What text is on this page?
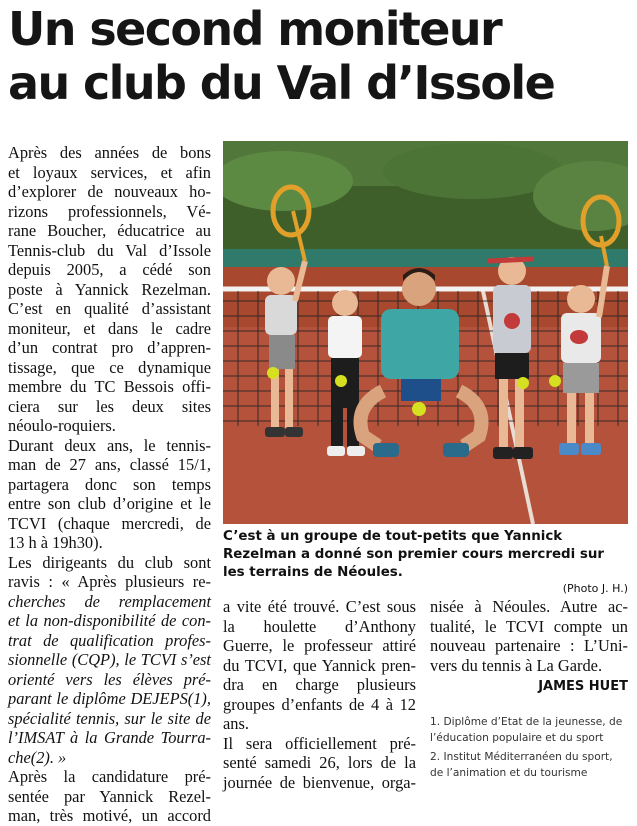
Un second moniteur
au club du Val d’Issole

Après des années de bons

et loyaux services, et afin

d’explorer de nouveaux ho-

rizons professionnels, Vé-

rane Boucher, éducatrice au

Tennis-club du Val d’Issole

depuis 2005, a cédé son

poste à Yannick Rezelman.

C’est en qualité d’assistant

moniteur, et dans le cadre

d’un contrat pro d’appren-

tissage, que ce dynamique

membre du TC Bessois offi-

ciera sur les deux sites

néoulo-roquiers.

Durant deux ans, le tennis-

man de 27 ans, classé 15/1,

partagera donc son temps

entre son club d’origine et le

TCVI (chaque mercredi, de

13 h à 19h30).

Les dirigeants du club sont

ravis : « Après plusieurs re-

cherches de remplacement

et la non-disponibilité de con-

trat de qualification profes-

sionnelle (CQP), le TCVI s’est

orienté vers les élèves pré-

parant le diplôme DEJEPS(1),

spécialité tennis, sur le site de

l’IMSAT à la Grande Tourra-

che(2). »

Après la candidature pré-

sentée par Yannick Rezel-

man, très motivé, un accord

C’est à un groupe de tout-petits que Yannick Rezelman a donné son premier cours mercredi sur les terrains de Néoules.
(Photo J. H.)

a vite été trouvé. C’est sous

la houlette d’Anthony

Guerre, le professeur attiré

du TCVI, que Yannick pren-

dra en charge plusieurs

groupes d’enfants de 4 à 12

ans.

Il sera officiellement pré-

senté samedi 26, lors de la

journée de bienvenue, orga-

nisée à Néoules. Autre ac-

tualité, le TCVI compte un

nouveau partenaire : L’Uni-

vers du tennis à La Garde.

JAMES HUET

1. Diplôme d’Etat de la jeunesse, de l’éducation populaire et du sport

2. Institut Méditerranéen du sport, de l’animation et du tourisme
